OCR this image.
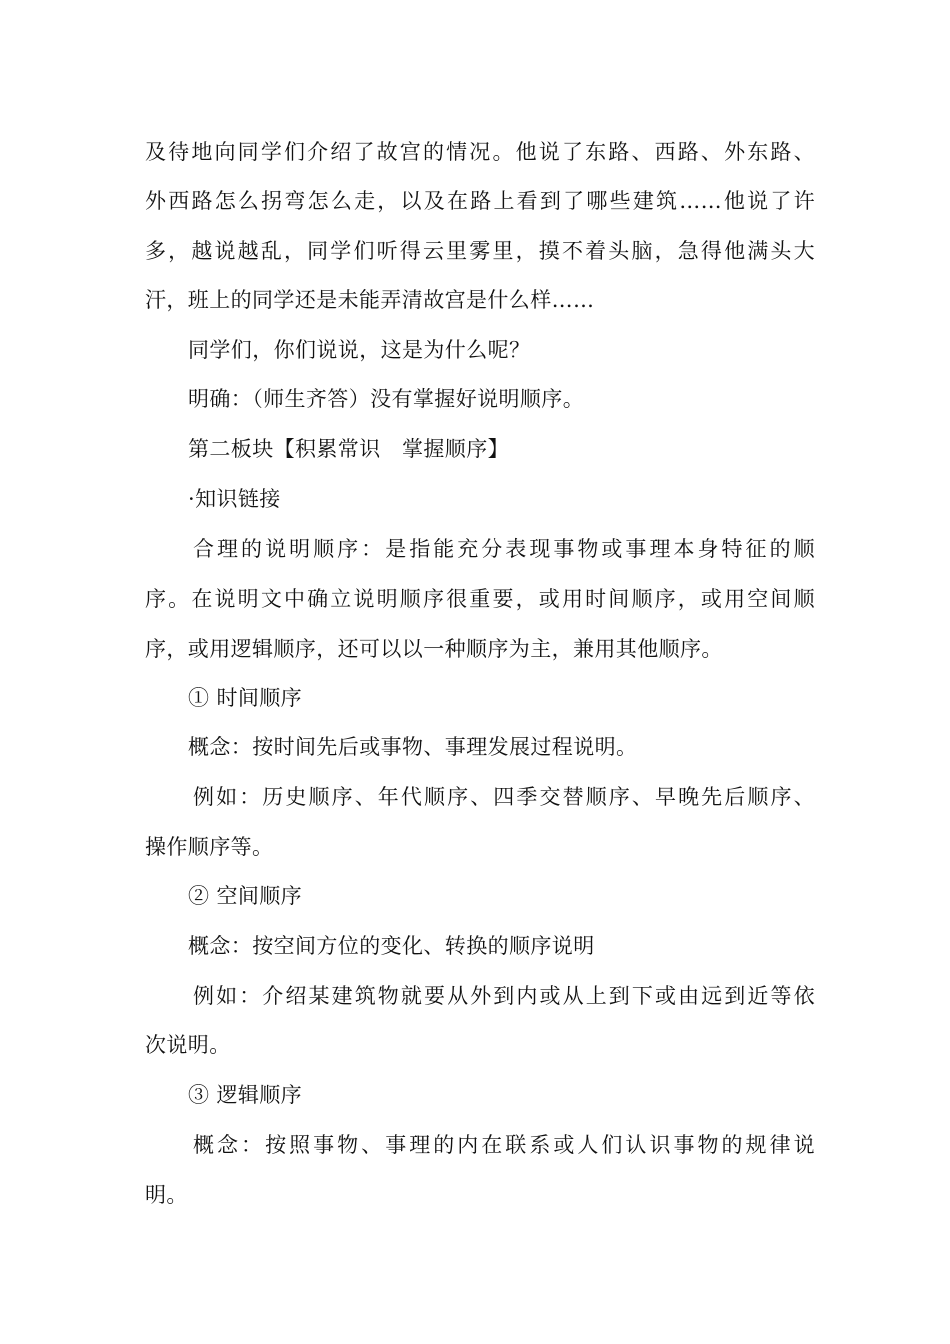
及待地向同学们介绍了故宫的情况。他说了东路、西路、外东路、
外西路怎么拐弯怎么走，以及在路上看到了哪些建筑……他说了许
多，越说越乱，同学们听得云里雾里，摸不着头脑，急得他满头大
汗，班上的同学还是未能弄清故宫是什么样……
同学们，你们说说，这是为什么呢？
明确：（师生齐答）没有掌握好说明顺序。
第二板块【积累常识　掌握顺序】
·知识链接
合理的说明顺序：是指能充分表现事物或事理本身特征的顺
序。在说明文中确立说明顺序很重要，或用时间顺序，或用空间顺
序，或用逻辑顺序，还可以以一种顺序为主，兼用其他顺序。
① 时间顺序
概念：按时间先后或事物、事理发展过程说明。
例如：历史顺序、年代顺序、四季交替顺序、早晚先后顺序、
操作顺序等。
② 空间顺序
概念：按空间方位的变化、转换的顺序说明
例如：介绍某建筑物就要从外到内或从上到下或由远到近等依
次说明。
③ 逻辑顺序
概念：按照事物、事理的内在联系或人们认识事物的规律说
明。
